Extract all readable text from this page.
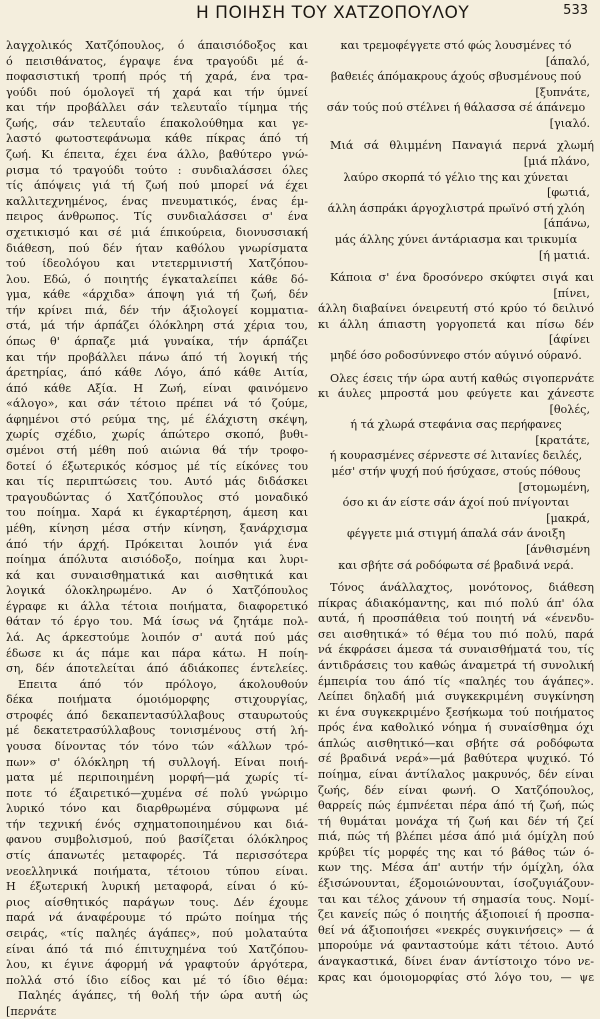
Η ΠΟΙΗΣΗ ΤΟΥ ΧΑΤΖΟΠΟΥΛΟΥ	533

λαγχολικός Χατζόπουλος, ό άπαισιόδοξος και

ό πεισιθάνατος, έγραψε ένα τραγούδι μέ ά-

ποφασιστική τροπή πρός τή χαρά, ένα τρα-

γούδι πού όμολογεϊ τή χαρά και τήν ύμνεί

και τήν προβάλλει σάν τελευταΐο τίμημα τής

ζωής, σάν τελευταΐο έπακολούθημα και γε-

λαστό φωτοστεφάνωμα κάθε πίκρας άπό τή

ζωή. Κι έπειτα, έχει ένα άλλο, βαθύτερο γνώ-

ρισμα τό τραγούδι τούτο : συνδιαλάσσει όλες

τίς άπόψεις γιά τή ζωή πού μπορεί νά έχει

καλλιτεχνημένος, ένας πνευματικός, ένας έμ-

πειρος άνθρωπος. Τίς συνδιαλάσσει σ' ένα

σχετικισμό και σέ μιά έπικούρεια, διονυσσιακή

διάθεση, πού δέν ήταν καθόλου γνωρίσματα

τού ίδεολόγου και ντετερμινιστή Χατζόπου-

λου. Εδώ, ό ποιητής έγκαταλείπει κάθε δό-

γμα, κάθε «άρχιδα» άποψη γιά τή ζωή, δέν

τήν κρίνει πιά, δέν τήν άξιολογεί κομματια-

στά, μά τήν άρπάζει όλόκληρη στά χέρια του,

όπως θ' άρπαζε μιά γυναίκα, τήν άρπάζει

και τήν προβάλλει πάνω άπό τή λογική τής

άρετηρίας, άπό κάθε Λόγο, άπό κάθε Αιτία,

άπό κάθε Αξία. Η Ζωή, είναι φαινόμενο

«άλογο», και σάν τέτοιο πρέπει νά τό ζούμε,

άφημένοι στό ρεύμα της, μέ έλάχιστη σκέψη,

χωρίς σχέδιο, χωρίς άπώτερο σκοπό, βυθι-

σμένοι στή μέθη πού αιώνια θά τήν τροφο-

δοτεί ό έξωτερικός κόσμος μέ τίς είκόνες του

και τίς περιπτώσεις του. Αυτό μάς διδάσκει

τραγουδώντας ό Χατζόπουλος στό μοναδικό

του ποίημα. Χαρά κι έγκαρτέρηση, άμεση και

μέθη, κίνηση μέσα στήν κίνηση, ξανάρχισμα

άπό τήν άρχή. Πρόκειται λοιπόν γιά ένα

ποίημα άπόλυτα αισιόδοξο, ποίημα και λυρι-

κά και συναισθηματικά και αισθητικά και

λογικά όλοκληρωμένο. Αν ό Χατζόπουλος

έγραφε κι άλλα τέτοια ποιήματα, διαφορετικό

θάταν τό έργο του. Μά ίσως νά ζητάμε πολ-

λά. Ας άρκεστούμε λοιπόν σ' αυτά πού μάς

έδωσε κι άς πάμε και πάρα κάτω. Η ποίη-

ση, δέν άποτελείται άπό άδιάκοπες έντελείες.

Επειτα άπό τόν πρόλογο, άκολουθούν

δέκα ποιήματα όμοιόμορφης στιχουργίας,

στροφές άπό δεκαπεντασύλλαβους σταυρωτούς

μέ δεκατετρασύλλαβους τονισμένους στή λή-

γουσα δίνοντας τόν τόνο τών «άλλων τρό-

πων» σ' όλόκληρη τή συλλογή. Είναι ποιή-

ματα μέ περιποιημένη μορφή—μά χωρίς τί-

ποτε τό έξαιρετικό—χυμένα σέ πολύ γνώριμο

λυρικό τόνο και διαρθρωμένα σύμφωνα μέ

τήν τεχνική ένός σχηματοποιημένου και διά-

φανου συμβολισμού, πού βασίζεται όλόκληρος

στίς άπανωτές μεταφορές. Τά περισσότερα

νεοελληνικά ποιήματα, τέτοιου τύπου είναι.

Η έξωτερική λυρική μεταφορά, είναι ό κύ-

ριος αίσθητικός παράγων τους. Δέν έχουμε

παρά νά άναφέρουμε τό πρώτο ποίημα τής

σειράς, «τίς παληές άγάπες», πού μολαταύτα

είναι άπό τά πιό έπιτυχημένα τού Χατζόπου-

λου, κι έγινε άφορμή νά γραφτούν άργότερα,

πολλά στό ίδιο είδος και μέ τό ίδιο θέμα:

Παληές άγάπες, τή θολή τήν ώρα αυτή ώς [περνάτε

και τρεμοφέγγετε στό φώς λουσμένες τό

[άπαλό,

βαθειές άπόμακρους άχούς σβυσμένους πού

[ξυπνάτε,

σάν τούς πού στέλνει ή θάλασσα σέ άπάνεμο

[γιαλό.

Μιά σά θλιμμένη Παναγιά περνά χλωμή

[μιά πλάνο,

λαύρο σκορπά τό γέλιο της και χύνεται

[φωτιά,

άλλη άσπράκι άργοχλιστρά πρωϊνό στή χλόη

[άπάνω,

μάς άλλης χύνει άντάριασμα και τρικυμία

[ή ματιά.

Κάποια σ' ένα δροσόνερο σκύφτει σιγά και

[πίνει,

άλλη διαβαίνει όνειρευτή στό κρύο τό δειλινό

κι άλλη άπιαστη γοργοπετά και πίσω δέν

[άφίνει

μηδέ όσο ροδοσύννεφο στόν αύγινό ούρανό.

Ολες έσεις τήν ώρα αυτή καθώς σιγοπερνάτε

κι άυλες μπροστά μου φεύγετε και χάνεστε

[θολές,

ή τά χλωρά στεφάνια σας περήφανες

[κρατάτε,

ή κουρασμένες σέρνεστε σέ λιτανίες δειλές,

μέσ' στήν ψυχή πού ήσύχασε, στούς πόθους

[στομωμένη,

όσο κι άν είστε σάν άχοί πού πνίγονται

[μακρά,

φέγγετε μιά στιγμή άπαλά σάν άνοιξη

[άνθισμένη

και σβήτε σά ροδόφωτα σέ βραδινά νερά.

Τόνος άνάλλαχτος, μονότονος, διάθεση

πίκρας άδιακόμαντης, και πιό πολύ άπ' όλα

αυτά, ή προσπάθεια τού ποιητή νά «ένενδυ-

σει αισθητικά» τό θέμα του πιό πολύ, παρά

νά έκφράσει άμεσα τά συναισθήματά του, τίς

άντιδράσεις του καθώς άναμετρά τή συνολική

έμπειρία του άπό τίς «παληές του άγάπες».

Λείπει δηλαδή μιά συγκεκριμένη συγκίνηση

κι ένα συγκεκριμένο ξεσήκωμα τού ποιήματος

πρός ένα καθολικό νόημα ή συναίσθημα όχι

άπλώς αισθητικό—και σβήτε σά ροδόφωτα

σέ βραδινά νερά»—μά βαθύτερα ψυχικό. Τό

ποίημα, είναι άντίλαλος μακρυνός, δέν είναι

ζωής, δέν είναι φωνή. Ο Χατζόπουλος,

θαρρείς πώς έμπνέεται πέρα άπό τή ζωή, πώς

τή θυμάται μονάχα τή ζωή και δέν τή ζεί

πιά, πώς τή βλέπει μέσα άπό μιά όμίχλη πού

κρύβει τίς μορφές της και τό βάθος τών ό-

κων της. Μέσα άπ' αυτήν τήν όμίχλη, όλα

έξισώνουνται, έξομοιώνουνται, ίσοζυγιάζουν-

ται και τέλος χάνουν τή σημασία τους. Νομί-

ζει κανείς πώς ό ποιητής άξιοποιεί ή προσπα-

θεί νά άξιοποιήσει «νεκρές συγκινήσεις» — ά

μπορούμε νά φανταστούμε κάτι τέτοιο. Αυτό

άναγκαστικά, δίνει έναν άντίστοιχο τόνο νε-

κρας και όμοιομορφίας στό λόγο του, — ψε
